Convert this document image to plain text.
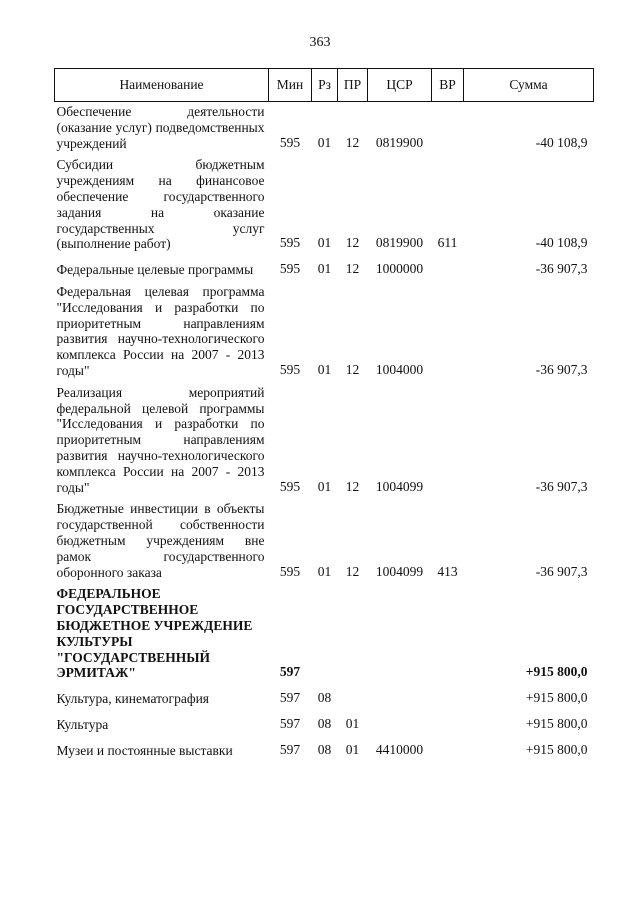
363
Наименование	Мин	Рз	ПР	ЦСР	ВР	Сумма
Обеспечение деятельности (оказание услуг) подведомственных учреждений	595	01	12	0819900		-40 108,9
Субсидии бюджетным учреждениям на финансовое обеспечение государственного задания на оказание государственных услуг (выполнение работ)	595	01	12	0819900	611	-40 108,9
Федеральные целевые программы	595	01	12	1000000		-36 907,3
Федеральная целевая программа "Исследования и разработки по приоритетным направлениям развития научно-технологического комплекса России на 2007 - 2013 годы"	595	01	12	1004000		-36 907,3
Реализация мероприятий федеральной целевой программы "Исследования и разработки по приоритетным направлениям развития научно-технологического комплекса России на 2007 - 2013 годы"	595	01	12	1004099		-36 907,3
Бюджетные инвестиции в объекты государственной собственности бюджетным учреждениям вне рамок государственного оборонного заказа	595	01	12	1004099	413	-36 907,3
ФЕДЕРАЛЬНОЕ ГОСУДАРСТВЕННОЕ БЮДЖЕТНОЕ УЧРЕЖДЕНИЕ КУЛЬТУРЫ "ГОСУДАРСТВЕННЫЙ ЭРМИТАЖ"	597					+915 800,0
Культура, кинематография	597	08				+915 800,0
Культура	597	08	01			+915 800,0
Музеи и постоянные выставки	597	08	01	4410000		+915 800,0
